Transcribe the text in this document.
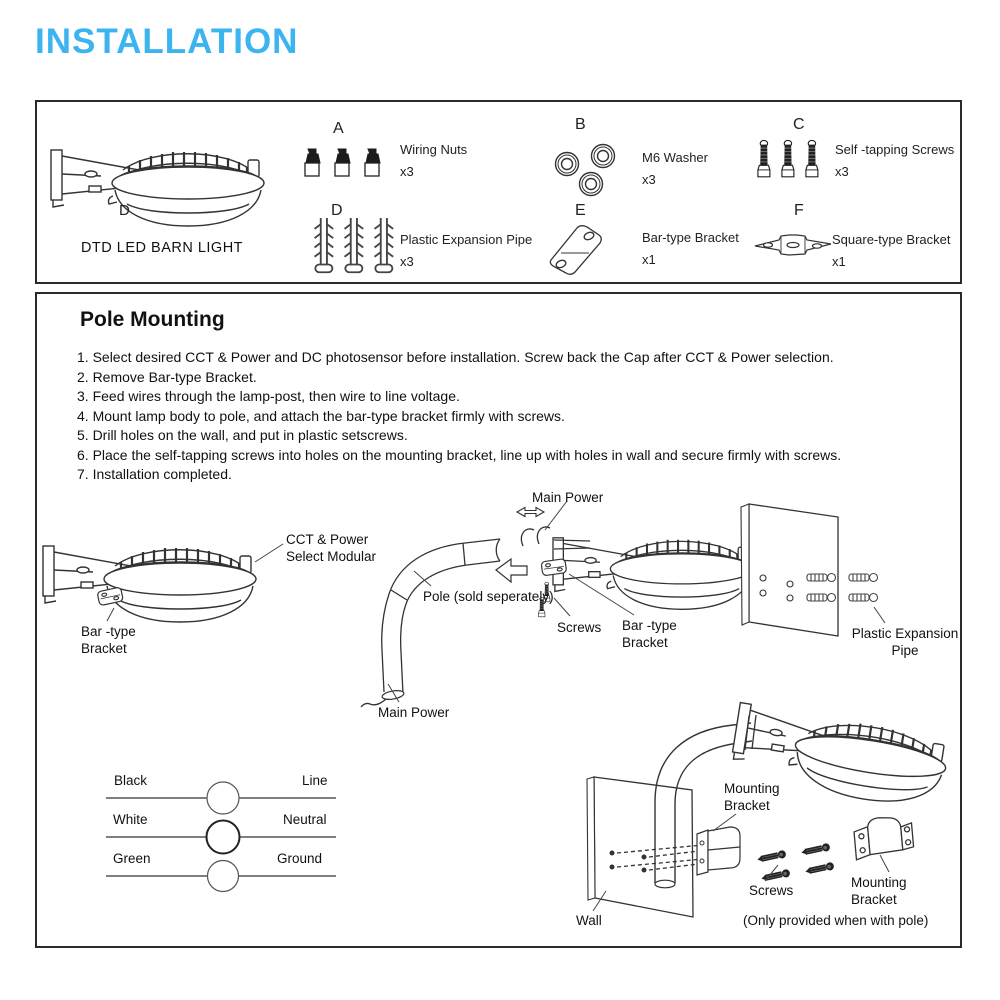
INSTALLATION
D
DTD LED BARN LIGHT
A
Wiring Nuts
x3
B
M6 Washer
x3
C
Self -tapping Screws
x3
D
Plastic Expansion Pipe
x3
E
Bar-type Bracket
x1
F
Square-type Bracket
x1
Pole Mounting
1. Select desired CCT & Power and DC photosensor before installation. Screw back the Cap after CCT & Power selection.
2. Remove Bar-type Bracket.
3. Feed wires through the lamp-post, then wire to line voltage.
4. Mount lamp body to pole, and attach the bar-type bracket firmly with screws.
5. Drill holes on the wall, and put in plastic setscrews.
6. Place the self-tapping screws into holes on the mounting bracket, line up with holes in wall and secure firmly with screws.
7. Installation completed.
CCT & Power
Select Modular
Bar -type
Bracket
Main Power
Pole (sold seperately)
Screws Bar -type
Bracket
Main Power
Plastic Expansion
Pipe
Black	Line
White	Neutral
Green	Ground
Mounting
Bracket
Screws
Mounting
Bracket
Wall	(Only provided when with pole)
